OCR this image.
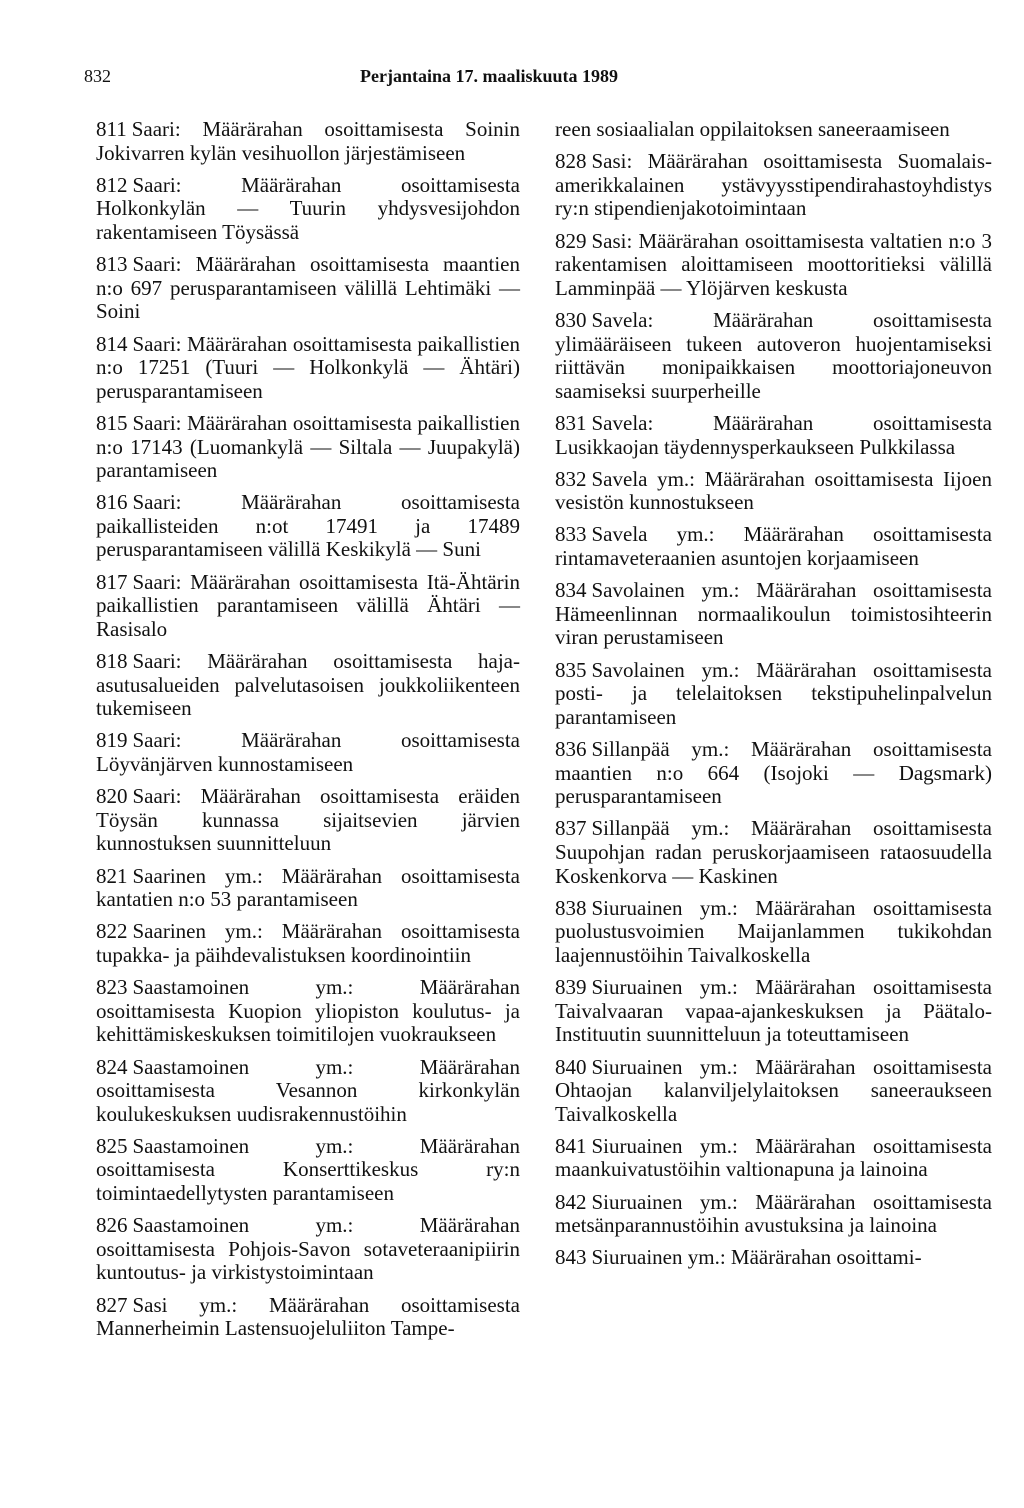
832	Perjantaina 17. maaliskuuta 1989

811 Saari: Määrärahan osoittamisesta Soinin Jokivarren kylän vesihuollon järjestämiseen

812 Saari: Määrärahan osoittamisesta Holkonkylän — Tuurin yhdysvesijohdon rakentamiseen Töysässä

813 Saari: Määrärahan osoittamisesta maantien n:o 697 perusparantamiseen välillä Lehtimäki — Soini

814 Saari: Määrärahan osoittamisesta paikallistien n:o 17251 (Tuuri — Holkonkylä — Ähtäri) perusparantamiseen

815 Saari: Määrärahan osoittamisesta paikallistien n:o 17143 (Luomankylä — Siltala — Juupakylä) parantamiseen

816 Saari: Määrärahan osoittamisesta paikallisteiden n:ot 17491 ja 17489 perusparantamiseen välillä Keskikylä — Suni

817 Saari: Määrärahan osoittamisesta Itä-Ähtärin paikallistien parantamiseen välillä Ähtäri — Rasisalo

818 Saari: Määrärahan osoittamisesta haja-asutusalueiden palvelutasoisen joukkoliikenteen tukemiseen

819 Saari: Määrärahan osoittamisesta Löyvänjärven kunnostamiseen

820 Saari: Määrärahan osoittamisesta eräiden Töysän kunnassa sijaitsevien järvien kunnostuksen suunnitteluun

821 Saarinen ym.: Määrärahan osoittamisesta kantatien n:o 53 parantamiseen

822 Saarinen ym.: Määrärahan osoittamisesta tupakka- ja päihdevalistuksen koordinointiin

823 Saastamoinen ym.: Määrärahan osoittamisesta Kuopion yliopiston koulutus- ja kehittämiskeskuksen toimitilojen vuokraukseen

824 Saastamoinen ym.: Määrärahan osoittamisesta Vesannon kirkonkylän koulukeskuksen uudisrakennustöihin

825 Saastamoinen ym.: Määrärahan osoittamisesta Konserttikeskus ry:n toimintaedellytysten parantamiseen

826 Saastamoinen ym.: Määrärahan osoittamisesta Pohjois-Savon sotaveteraanipiirin kuntoutus- ja virkistystoimintaan

827 Sasi ym.: Määrärahan osoittamisesta Mannerheimin Lastensuojeluliiton Tampe-

reen sosiaalialan oppilaitoksen saneeraamiseen

828 Sasi: Määrärahan osoittamisesta Suomalais-amerikkalainen ystävyysstipendirahastoyhdistys ry:n stipendienjakotoimintaan

829 Sasi: Määrärahan osoittamisesta valtatien n:o 3 rakentamisen aloittamiseen moottoritieksi välillä Lamminpää — Ylöjärven keskusta

830 Savela: Määrärahan osoittamisesta ylimääräiseen tukeen autoveron huojentamiseksi riittävän monipaikkaisen moottoriajoneuvon saamiseksi suurperheille

831 Savela: Määrärahan osoittamisesta Lusikkaojan täydennysperkaukseen Pulkkilassa

832 Savela ym.: Määrärahan osoittamisesta Iijoen vesistön kunnostukseen

833 Savela ym.: Määrärahan osoittamisesta rintamaveteraanien asuntojen korjaamiseen

834 Savolainen ym.: Määrärahan osoittamisesta Hämeenlinnan normaalikoulun toimistosihteerin viran perustamiseen

835 Savolainen ym.: Määrärahan osoittamisesta posti- ja telelaitoksen tekstipuhelinpalvelun parantamiseen

836 Sillanpää ym.: Määrärahan osoittamisesta maantien n:o 664 (Isojoki — Dagsmark) perusparantamiseen

837 Sillanpää ym.: Määrärahan osoittamisesta Suupohjan radan peruskorjaamiseen rataosuudella Koskenkorva — Kaskinen

838 Siuruainen ym.: Määrärahan osoittamisesta puolustusvoimien Maijanlammen tukikohdan laajennustöihin Taivalkoskella

839 Siuruainen ym.: Määrärahan osoittamisesta Taivalvaaran vapaa-ajankeskuksen ja Päätalo-Instituutin suunnitteluun ja toteuttamiseen

840 Siuruainen ym.: Määrärahan osoittamisesta Ohtaojan kalanviljelylaitoksen saneeraukseen Taivalkoskella

841 Siuruainen ym.: Määrärahan osoittamisesta maankuivatustöihin valtionapuna ja lainoina

842 Siuruainen ym.: Määrärahan osoittamisesta metsänparannustöihin avustuksina ja lainoina

843 Siuruainen ym.: Määrärahan osoittami-
